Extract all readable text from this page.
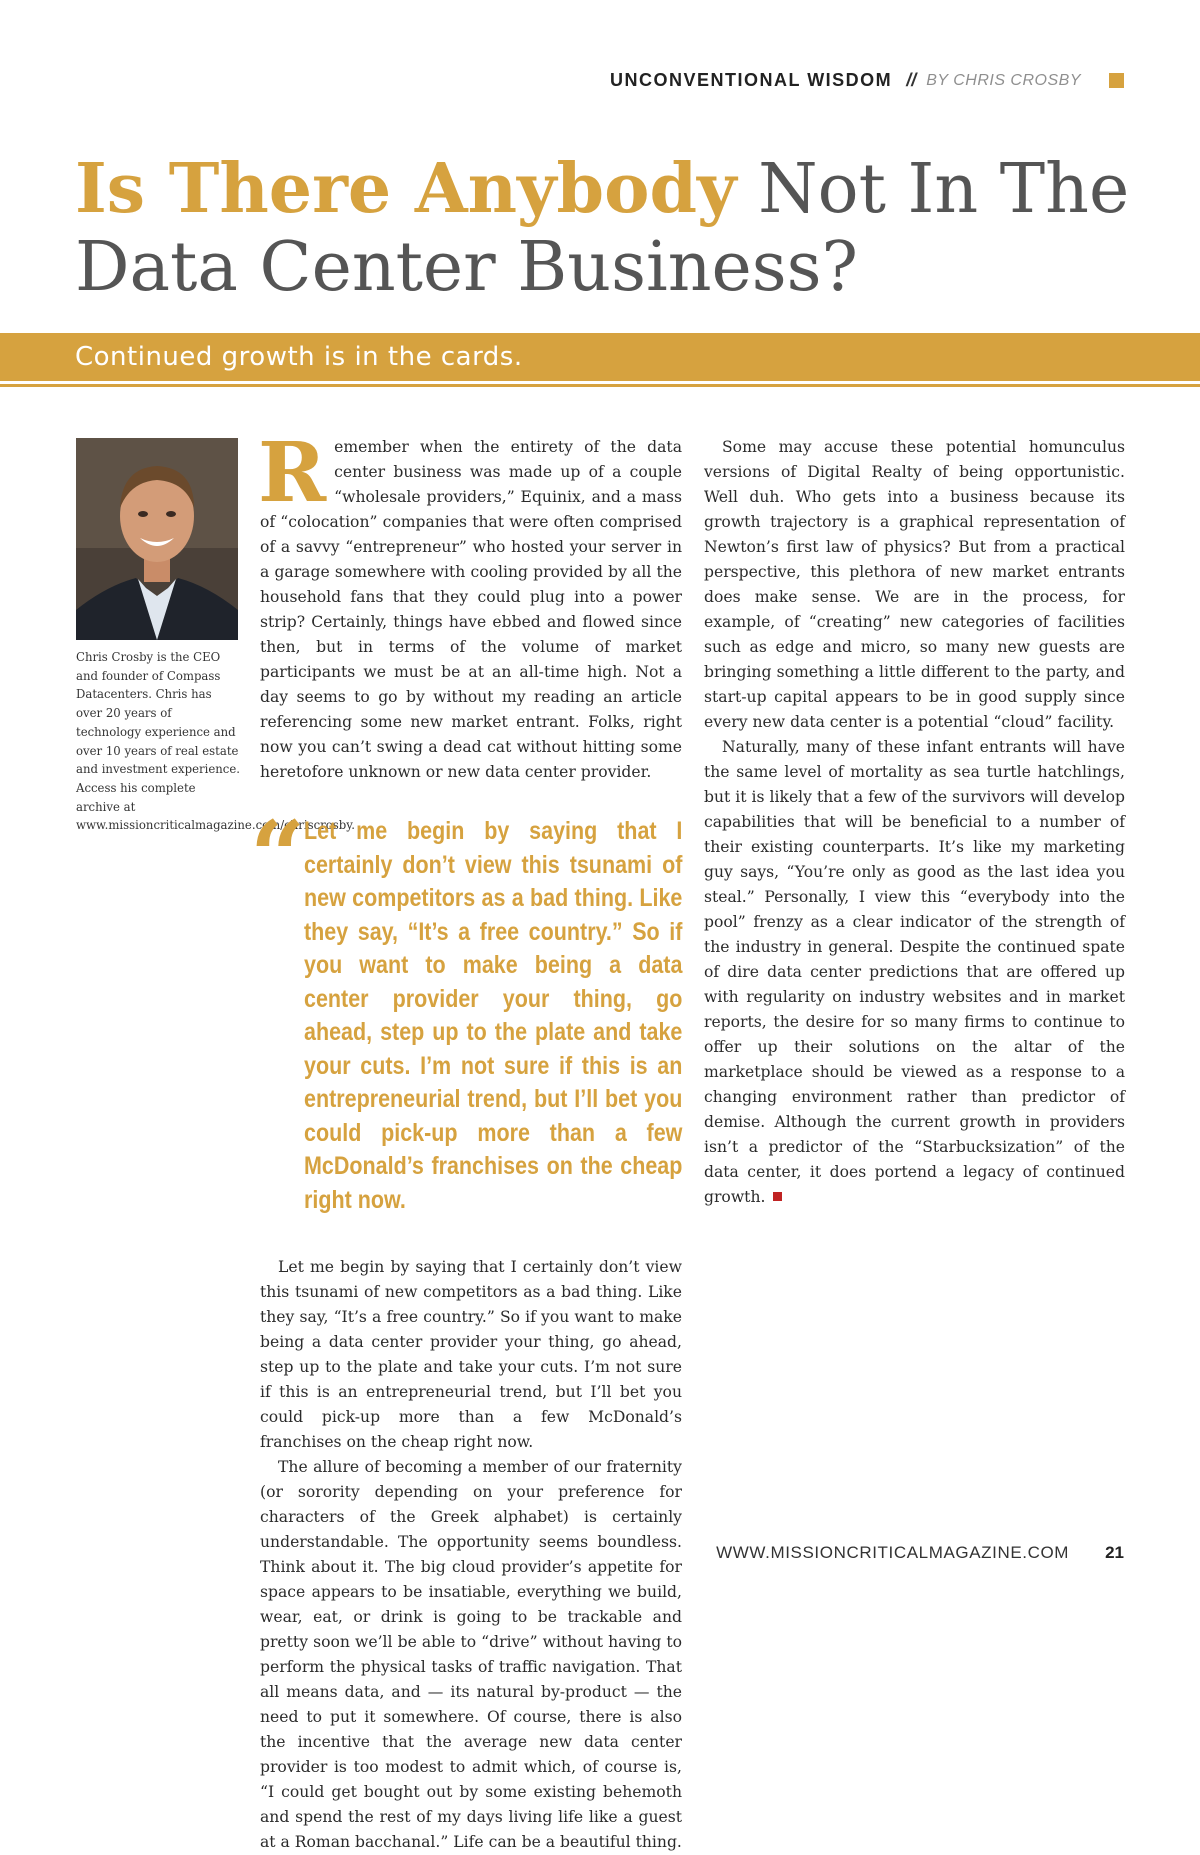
UNCONVENTIONAL WISDOM // BY CHRIS CROSBY
Is There Anybody Not In The Data Center Business?
Continued growth is in the cards.

Chris Crosby is the CEO and founder of Compass Datacenters. Chris has over 20 years of technology experience and over 10 years of real estate and investment experience. Access his complete archive at www.missioncriticalmagazine.com/chriscrosby.

Remember when the entirety of the data center business was made up of a couple “wholesale providers,” Equinix, and a mass of “colocation” companies that were often comprised of a savvy “entrepreneur” who hosted your server in a garage somewhere with cooling provided by all the household fans that they could plug into a power strip? Certainly, things have ebbed and flowed since then, but in terms of the volume of market participants we must be at an all-time high. Not a day seems to go by without my reading an article referencing some new market entrant. Folks, right now you can’t swing a dead cat without hitting some heretofore unknown or new data center provider.

“
Let me begin by saying that I certainly don’t view this tsunami of new competitors as a bad thing. Like they say, “It’s a free country.” So if you want to make being a data center provider your thing, go ahead, step up to the plate and take your cuts. I’m not sure if this is an entrepreneurial trend, but I’ll bet you could pick-up more than a few McDonald’s franchises on the cheap right now.

Let me begin by saying that I certainly don’t view this tsunami of new competitors as a bad thing. Like they say, “It’s a free country.” So if you want to make being a data center provider your thing, go ahead, step up to the plate and take your cuts. I’m not sure if this is an entrepreneurial trend, but I’ll bet you could pick-up more than a few McDonald’s franchises on the cheap right now.

The allure of becoming a member of our fraternity (or sorority depending on your preference for characters of the Greek alphabet) is certainly understandable. The opportunity seems boundless. Think about it. The big cloud provider’s appetite for space appears to be insatiable, everything we build, wear, eat, or drink is going to be trackable and pretty soon we’ll be able to “drive” without having to perform the physical tasks of traffic navigation. That all means data, and — its natural by-product — the need to put it somewhere. Of course, there is also the incentive that the average new data center provider is too modest to admit which, of course is, “I could get bought out by some existing behemoth and spend the rest of my days living life like a guest at a Roman bacchanal.” Life can be a beautiful thing.

Some may accuse these potential homunculus versions of Digital Realty of being opportunistic. Well duh. Who gets into a business because its growth trajectory is a graphical representation of Newton’s first law of physics? But from a practical perspective, this plethora of new market entrants does make sense. We are in the process, for example, of “creating” new categories of facilities such as edge and micro, so many new guests are bringing something a little different to the party, and start-up capital appears to be in good supply since every new data center is a potential “cloud” facility.

Naturally, many of these infant entrants will have the same level of mortality as sea turtle hatchlings, but it is likely that a few of the survivors will develop capabilities that will be beneficial to a number of their existing counterparts. It’s like my marketing guy says, “You’re only as good as the last idea you steal.” Personally, I view this “everybody into the pool” frenzy as a clear indicator of the strength of the industry in general. Despite the continued spate of dire data center predictions that are offered up with regularity on industry websites and in market reports, the desire for so many firms to continue to offer up their solutions on the altar of the marketplace should be viewed as a response to a changing environment rather than predictor of demise. Although the current growth in providers isn’t a predictor of the “Starbucksization” of the data center, it does portend a legacy of continued growth.

WWW.MISSIONCRITICALMAGAZINE.COM 21
